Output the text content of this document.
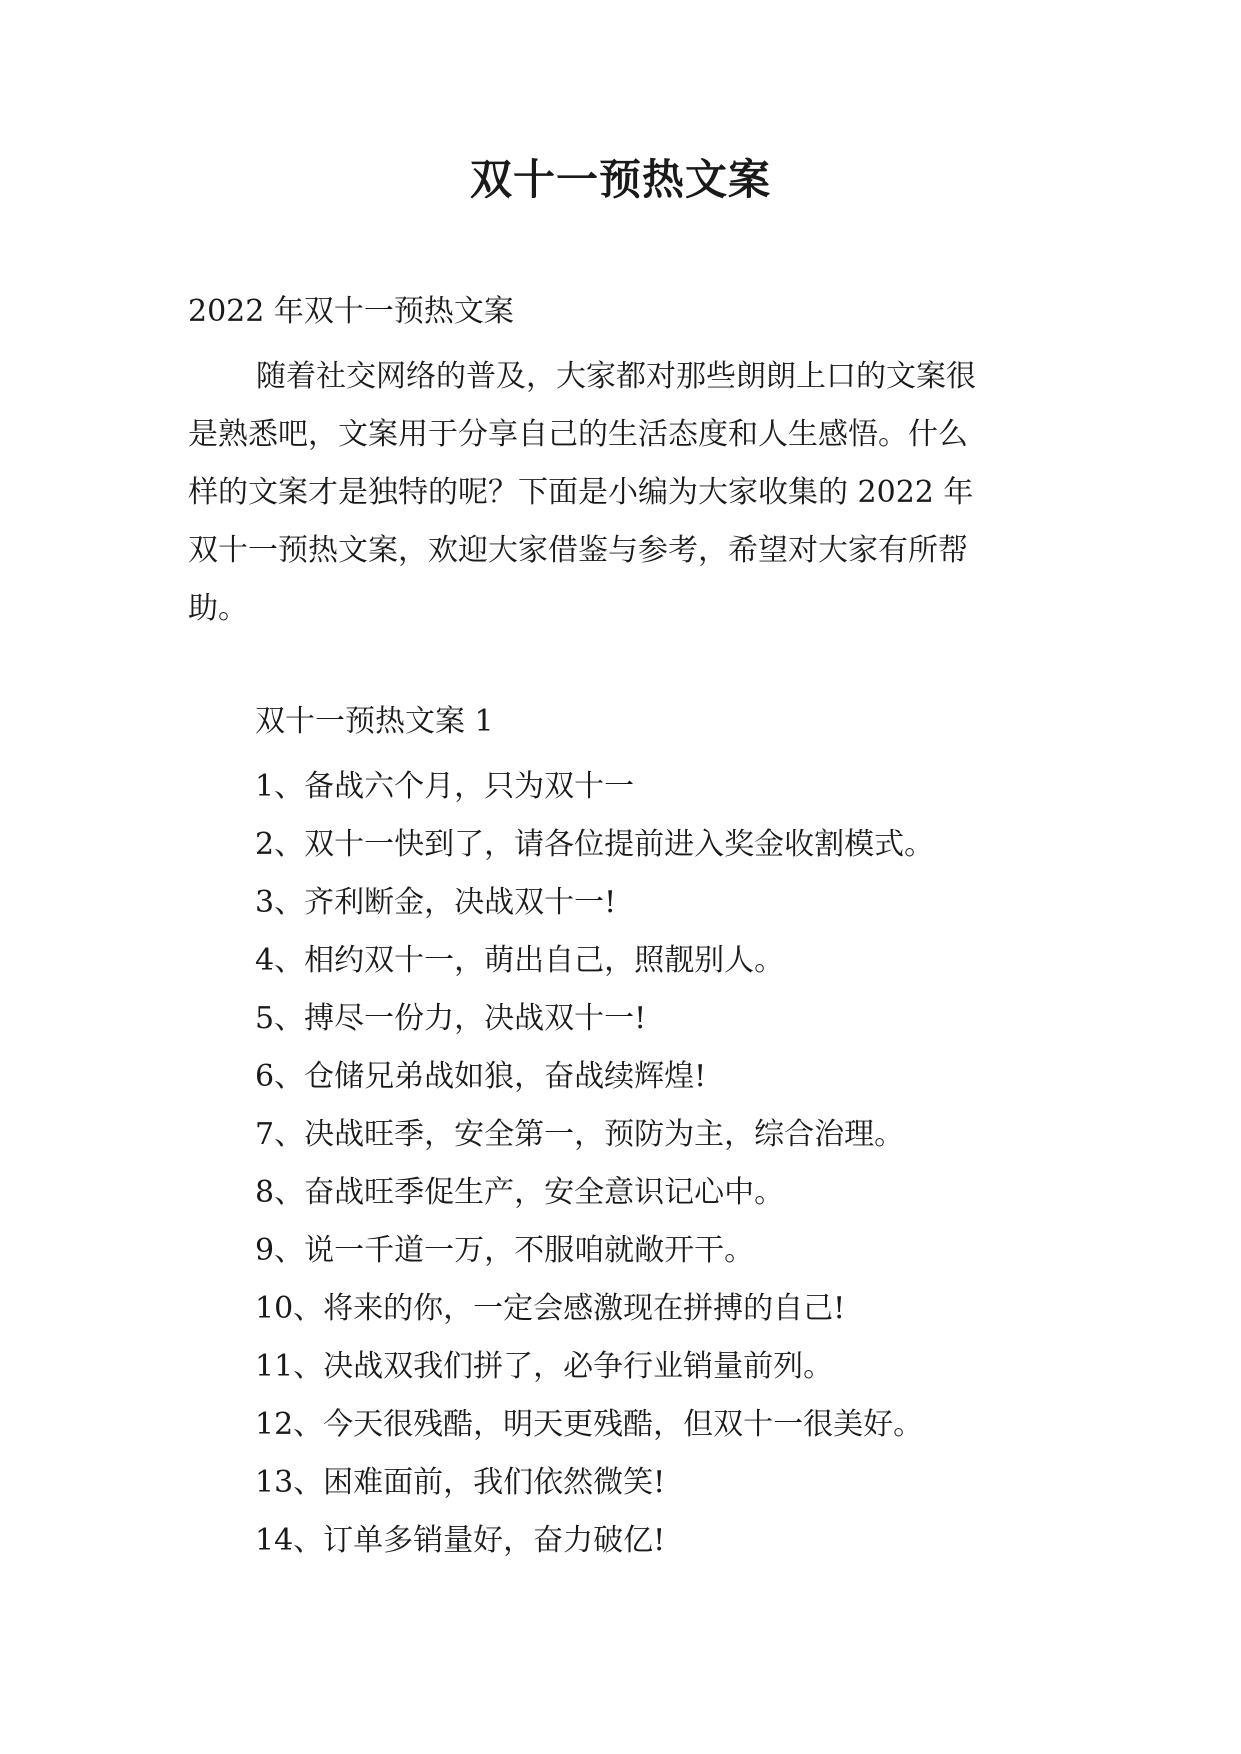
双十一预热文案
2022 年双十一预热文案
随着社交网络的普及，大家都对那些朗朗上口的文案很
是熟悉吧，文案用于分享自己的生活态度和人生感悟。什么
样的文案才是独特的呢？下面是小编为大家收集的 2022 年
双十一预热文案，欢迎大家借鉴与参考，希望对大家有所帮
助。
双十一预热文案 1
1、备战六个月，只为双十一
2、双十一快到了，请各位提前进入奖金收割模式。
3、齐利断金，决战双十一!
4、相约双十一，萌出自己，照靓别人。
5、搏尽一份力，决战双十一!
6、仓储兄弟战如狼，奋战续辉煌!
7、决战旺季，安全第一，预防为主，综合治理。
8、奋战旺季促生产，安全意识记心中。
9、说一千道一万，不服咱就敞开干。
10、将来的你，一定会感激现在拼搏的自己!
11、决战双我们拼了，必争行业销量前列。
12、今天很残酷，明天更残酷，但双十一很美好。
13、困难面前，我们依然微笑!
14、订单多销量好，奋力破亿!
